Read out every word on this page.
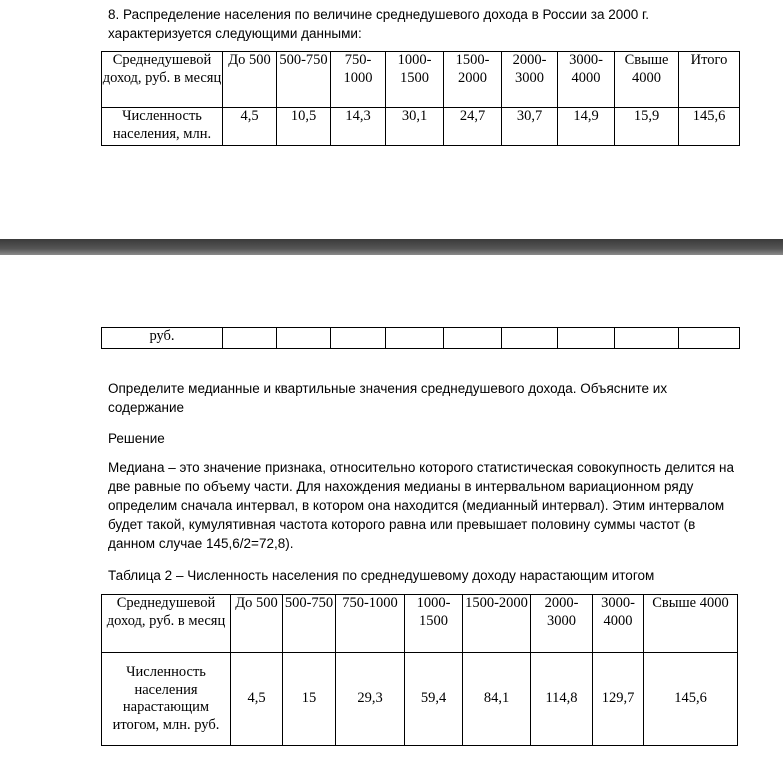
8. Распределение населения по величине среднедушевого дохода в России за 2000 г.
характеризуется следующими данными:
Среднедушевой доход, руб. в месяц	До 500	500-750	750-1000	1000-1500	1500-2000	2000-3000	3000-4000	Свыше 4000	Итого
Численность населения, млн.	4,5	10,5	14,3	30,1	24,7	30,7	14,9	15,9	145,6
руб.									
Определите медианные и квартильные значения среднедушевого дохода. Объясните их
содержание
Решение
Медиана – это значение признака, относительно которого статистическая совокупность делится на
две равные по объему части. Для нахождения медианы в интервальном вариационном ряду
определим сначала интервал, в котором она находится (медианный интервал). Этим интервалом
будет такой, кумулятивная частота которого равна или превышает половину суммы частот (в
данном случае 145,6/2=72,8).
Таблица 2 – Численность населения по среднедушевому доходу нарастающим итогом
Среднедушевой доход, руб. в месяц	До 500	500-750	750-1000	1000-1500	1500-2000	2000-3000	3000-4000	Свыше 4000
Численность населения нарастающим итогом, млн. руб.	4,5	15	29,3	59,4	84,1	114,8	129,7	145,6
